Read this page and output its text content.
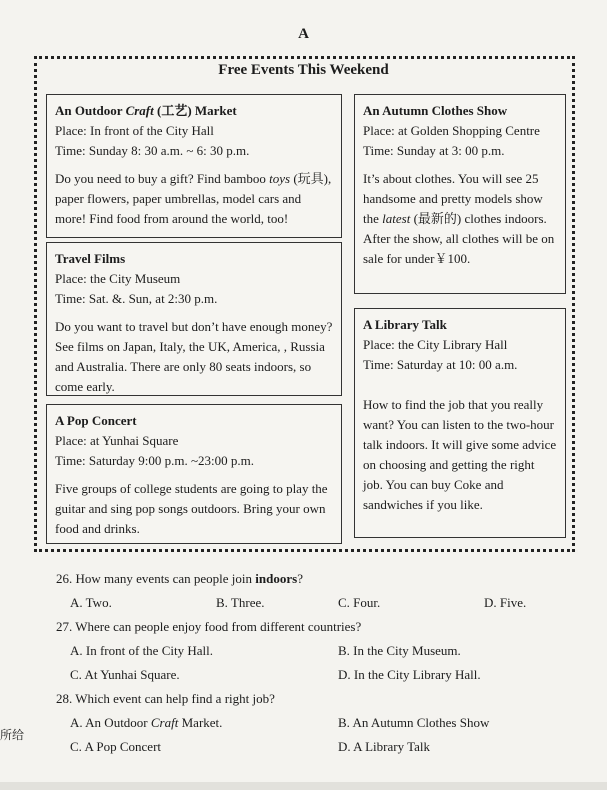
A
Free Events This Weekend

An Outdoor Craft (工艺) Market

Place: In front of the City Hall

Time: Sunday 8: 30 a.m. ~ 6: 30 p.m.

Do you need to buy a gift? Find bamboo toys (玩具), paper flowers, paper umbrellas, model cars and more! Find food from around the world, too!

Travel Films

Place: the City Museum

Time: Sat. &. Sun, at 2:30 p.m.

Do you want to travel but don’t have enough money? See films on Japan, Italy, the UK, America, , Russia and Australia. There are only 80 seats indoors, so come early.

A Pop Concert

Place: at Yunhai Square

Time: Saturday 9:00 p.m. ~23:00 p.m.

Five groups of college students are going to play the guitar and sing pop songs outdoors. Bring your own food and drinks.

An Autumn Clothes Show

Place: at Golden Shopping Centre

Time: Sunday at 3: 00 p.m.

It’s about clothes. You will see 25 handsome and pretty models show the latest (最新的) clothes indoors. After the show, all clothes will be on sale for under￥100.

A Library Talk

Place: the City Library Hall

Time: Saturday at 10: 00 a.m.

How to find the job that you really want? You can listen to the two-hour talk indoors. It will give some advice on choosing and getting the right job. You can buy Coke and sandwiches if you like.

26. How many events can people join indoors?
A. Two.	B. Three.	C. Four.	D. Five.
27. Where can people enjoy food from different countries?
A. In front of the City Hall.	B. In the City Museum.
C. At Yunhai Square.	D. In the City Library Hall.
28. Which event can help find a right job?
A. An Outdoor Craft Market.	B. An Autumn Clothes Show
C. A Pop Concert	D. A Library Talk
所给
